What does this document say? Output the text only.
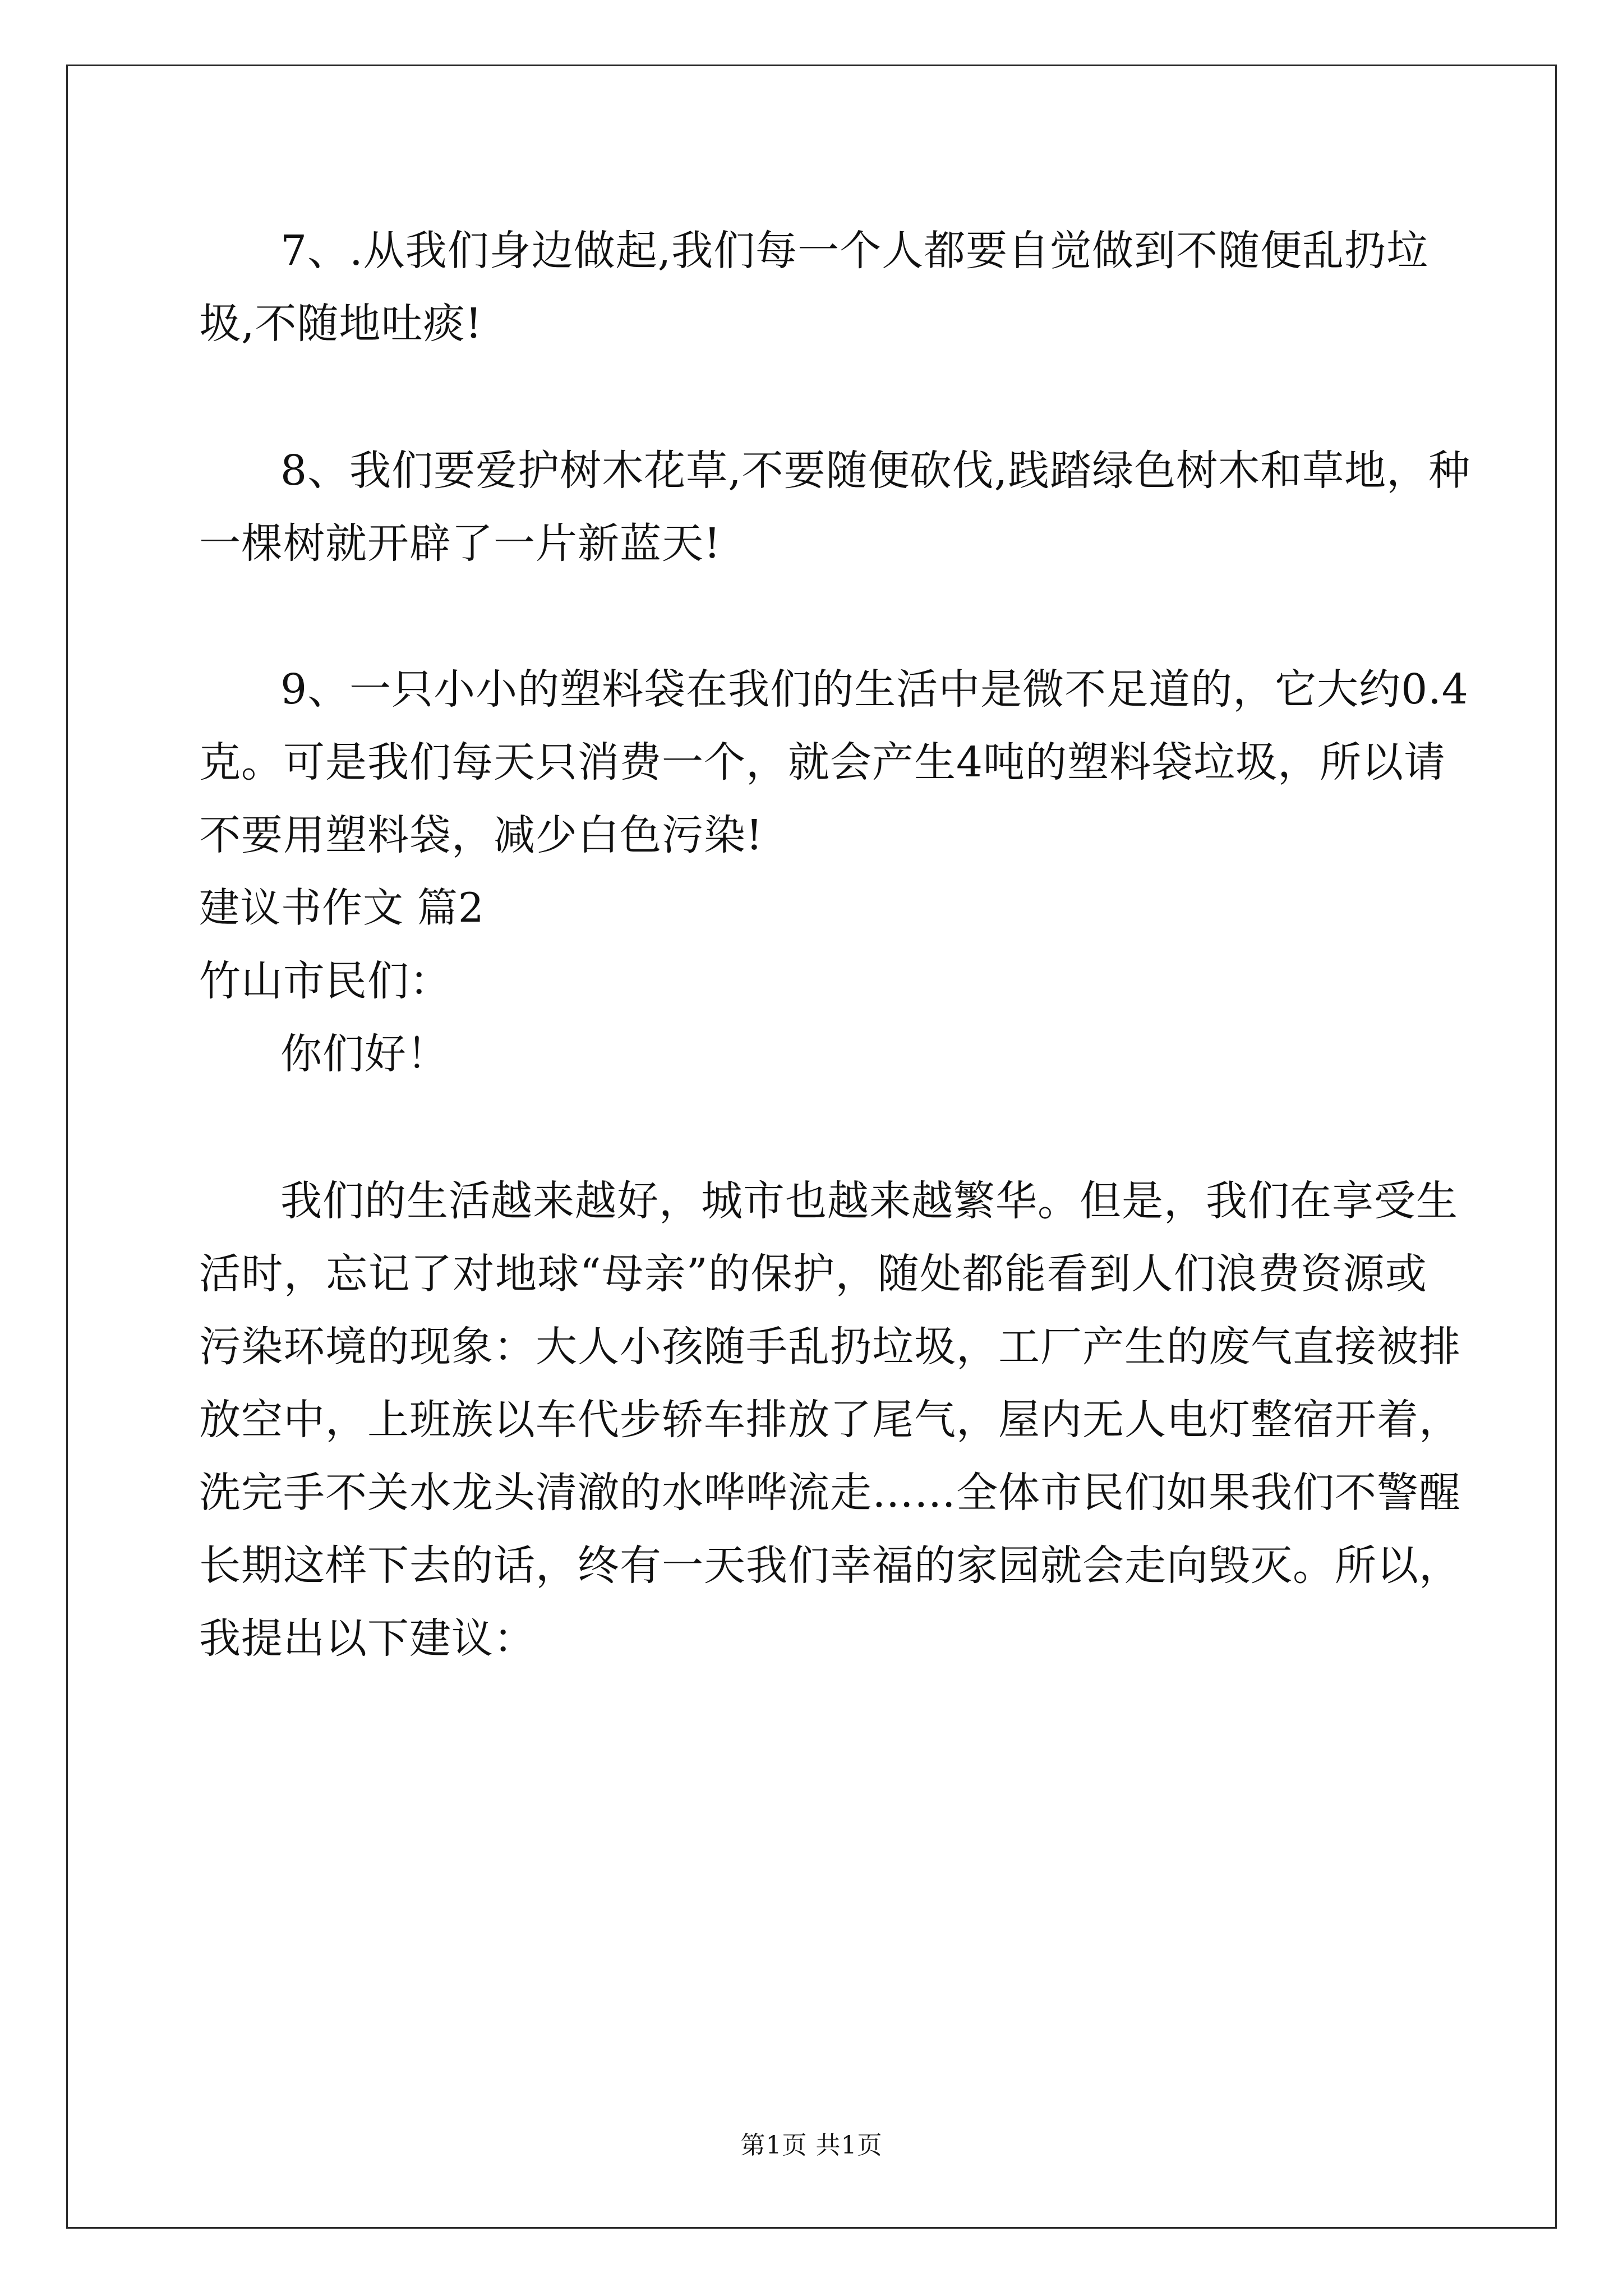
7 、 . 从 我 们 身 边 做 起 , 我 们 每 一 个 人 都 要 自 觉 做 到 不 随 便 乱 扔 垃
圾,不随地吐痰!
8 、 我 们 要 爱 护 树 木 花 草 , 不 要 随 便 砍 伐 , 践 踏 绿 色 树 木 和 草 地 ， 种
一棵树就开辟了一片新蓝天!
9 、 一 只 小 小 的 塑 料 袋 在 我 们 的 生 活 中 是 微 不 足 道 的 ， 它 大 约 0 . 4
克 。 可 是 我 们 每 天 只 消 费 一 个 ， 就 会 产 生 4 吨 的 塑 料 袋 垃 圾 ， 所 以 请
不要用塑料袋，减少白色污染!
建议书作文 篇2
竹山市民们：
你们好！
我 们 的 生 活 越 来 越 好 ， 城 市 也 越 来 越 繁 华 。 但 是 ， 我 们 在 享 受 生
活 时 ， 忘 记 了 对 地 球 “ 母 亲 ” 的 保 护 ， 随 处 都 能 看 到 人 们 浪 费 资 源 或
污 染 环 境 的 现 象 ： 大 人 小 孩 随 手 乱 扔 垃 圾 ， 工 厂 产 生 的 废 气 直 接 被 排
放 空 中 ， 上 班 族 以 车 代 步 轿 车 排 放 了 尾 气 ， 屋 内 无 人 电 灯 整 宿 开 着 ，
洗 完 手 不 关 水 龙 头 清 澈 的 水 哗 哗 流 走 … … 全 体 市 民 们 如 果 我 们 不 警 醒
长 期 这 样 下 去 的 话 ， 终 有 一 天 我 们 幸 福 的 家 园 就 会 走 向 毁 灭 。 所 以 ，
我提出以下建议：
第1页 共1页
